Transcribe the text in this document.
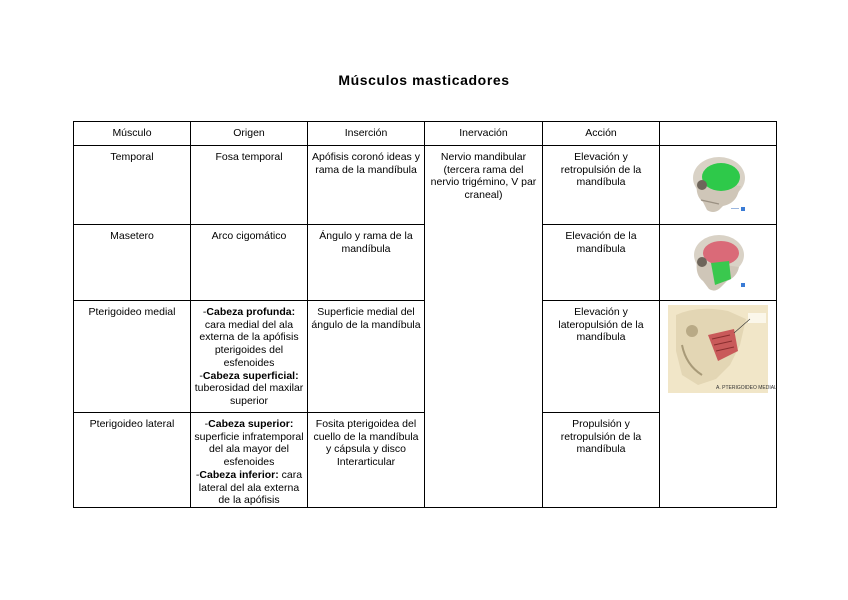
Músculos masticadores
Músculo	Origen	Inserción	Inervación	Acción	
Temporal	Fosa temporal	Apófisis coronó ideas y rama de la mandíbula	Nervio mandibular (tercera rama del nervio trigémino, V par craneal)	Elevación y retropulsión de la mandíbula	

Masetero	Arco cigomático	Ángulo y rama de la mandíbula		Elevación de la mandíbula	

Pterigoideo medial	-Cabeza profunda: cara medial del ala externa de la apófisis pterigoides del esfenoides
-Cabeza superficial: tuberosidad del maxilar superior	Superficie medial del ángulo de la mandíbula		Elevación y lateropulsión de la mandíbula	A. PTERIGOIDEO MEDIAL

Pterigoideo lateral	-Cabeza superior: superficie infratemporal del ala mayor del esfenoides
-Cabeza inferior: cara lateral del ala externa de la apófisis	Fosita pterigoidea del cuello de la mandíbula y cápsula y disco Interarticular		Propulsión y retropulsión de la mandíbula	
